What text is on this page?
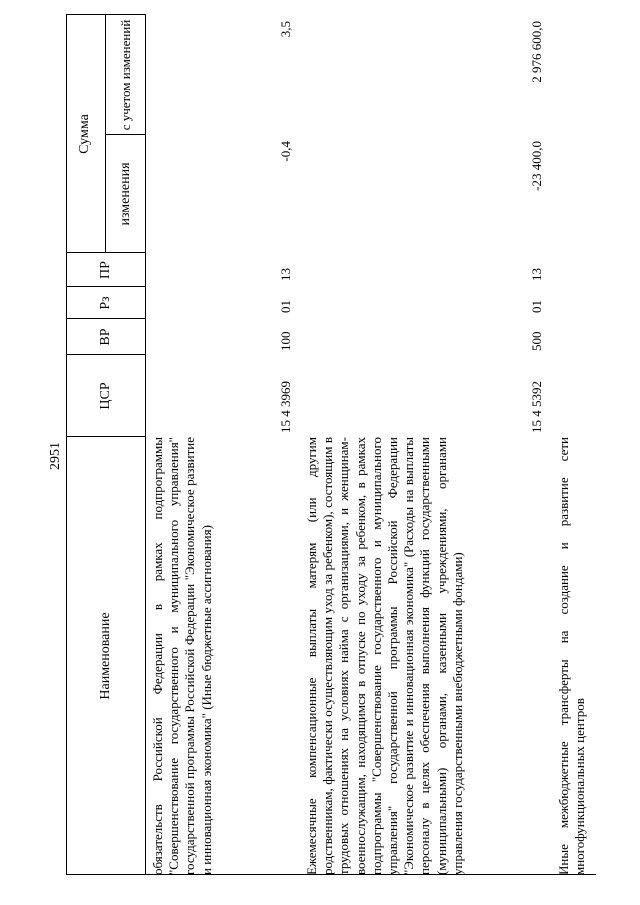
2951
Наименование
ЦСР
ВР
Рз
ПР
Сумма
изменения
с учетом изменений
обязательств Российской Федерации в рамках подпрограммы "Совершенствование государственного и муниципального управления" государственной программы Российской Федерации "Экономическое развитие и инновационная экономика" (Иные бюджетные ассигнования)
15 4 3969
100
01
13
-0,4
3,5
Ежемесячные компенсационные выплаты матерям (или другим родственникам, фактически осуществляющим уход за ребенком), состоящим в трудовых отношениях на условиях найма с организациями, и женщинам-военнослужащим, находящимся в отпуске по уходу за ребенком, в рамках подпрограммы "Совершенствование государственного и муниципального управления" государственной программы Российской Федерации "Экономическое развитие и инновационная экономика" (Расходы на выплаты персоналу в целях обеспечения выполнения функций государственными (муниципальными) органами, казенными учреждениями, органами управления государственными внебюджетными фондами)
15 4 5392
500
01
13
-23 400,0
2 976 600,0
Иные межбюджетные трансферты на создание и развитие сети многофункциональных центров
